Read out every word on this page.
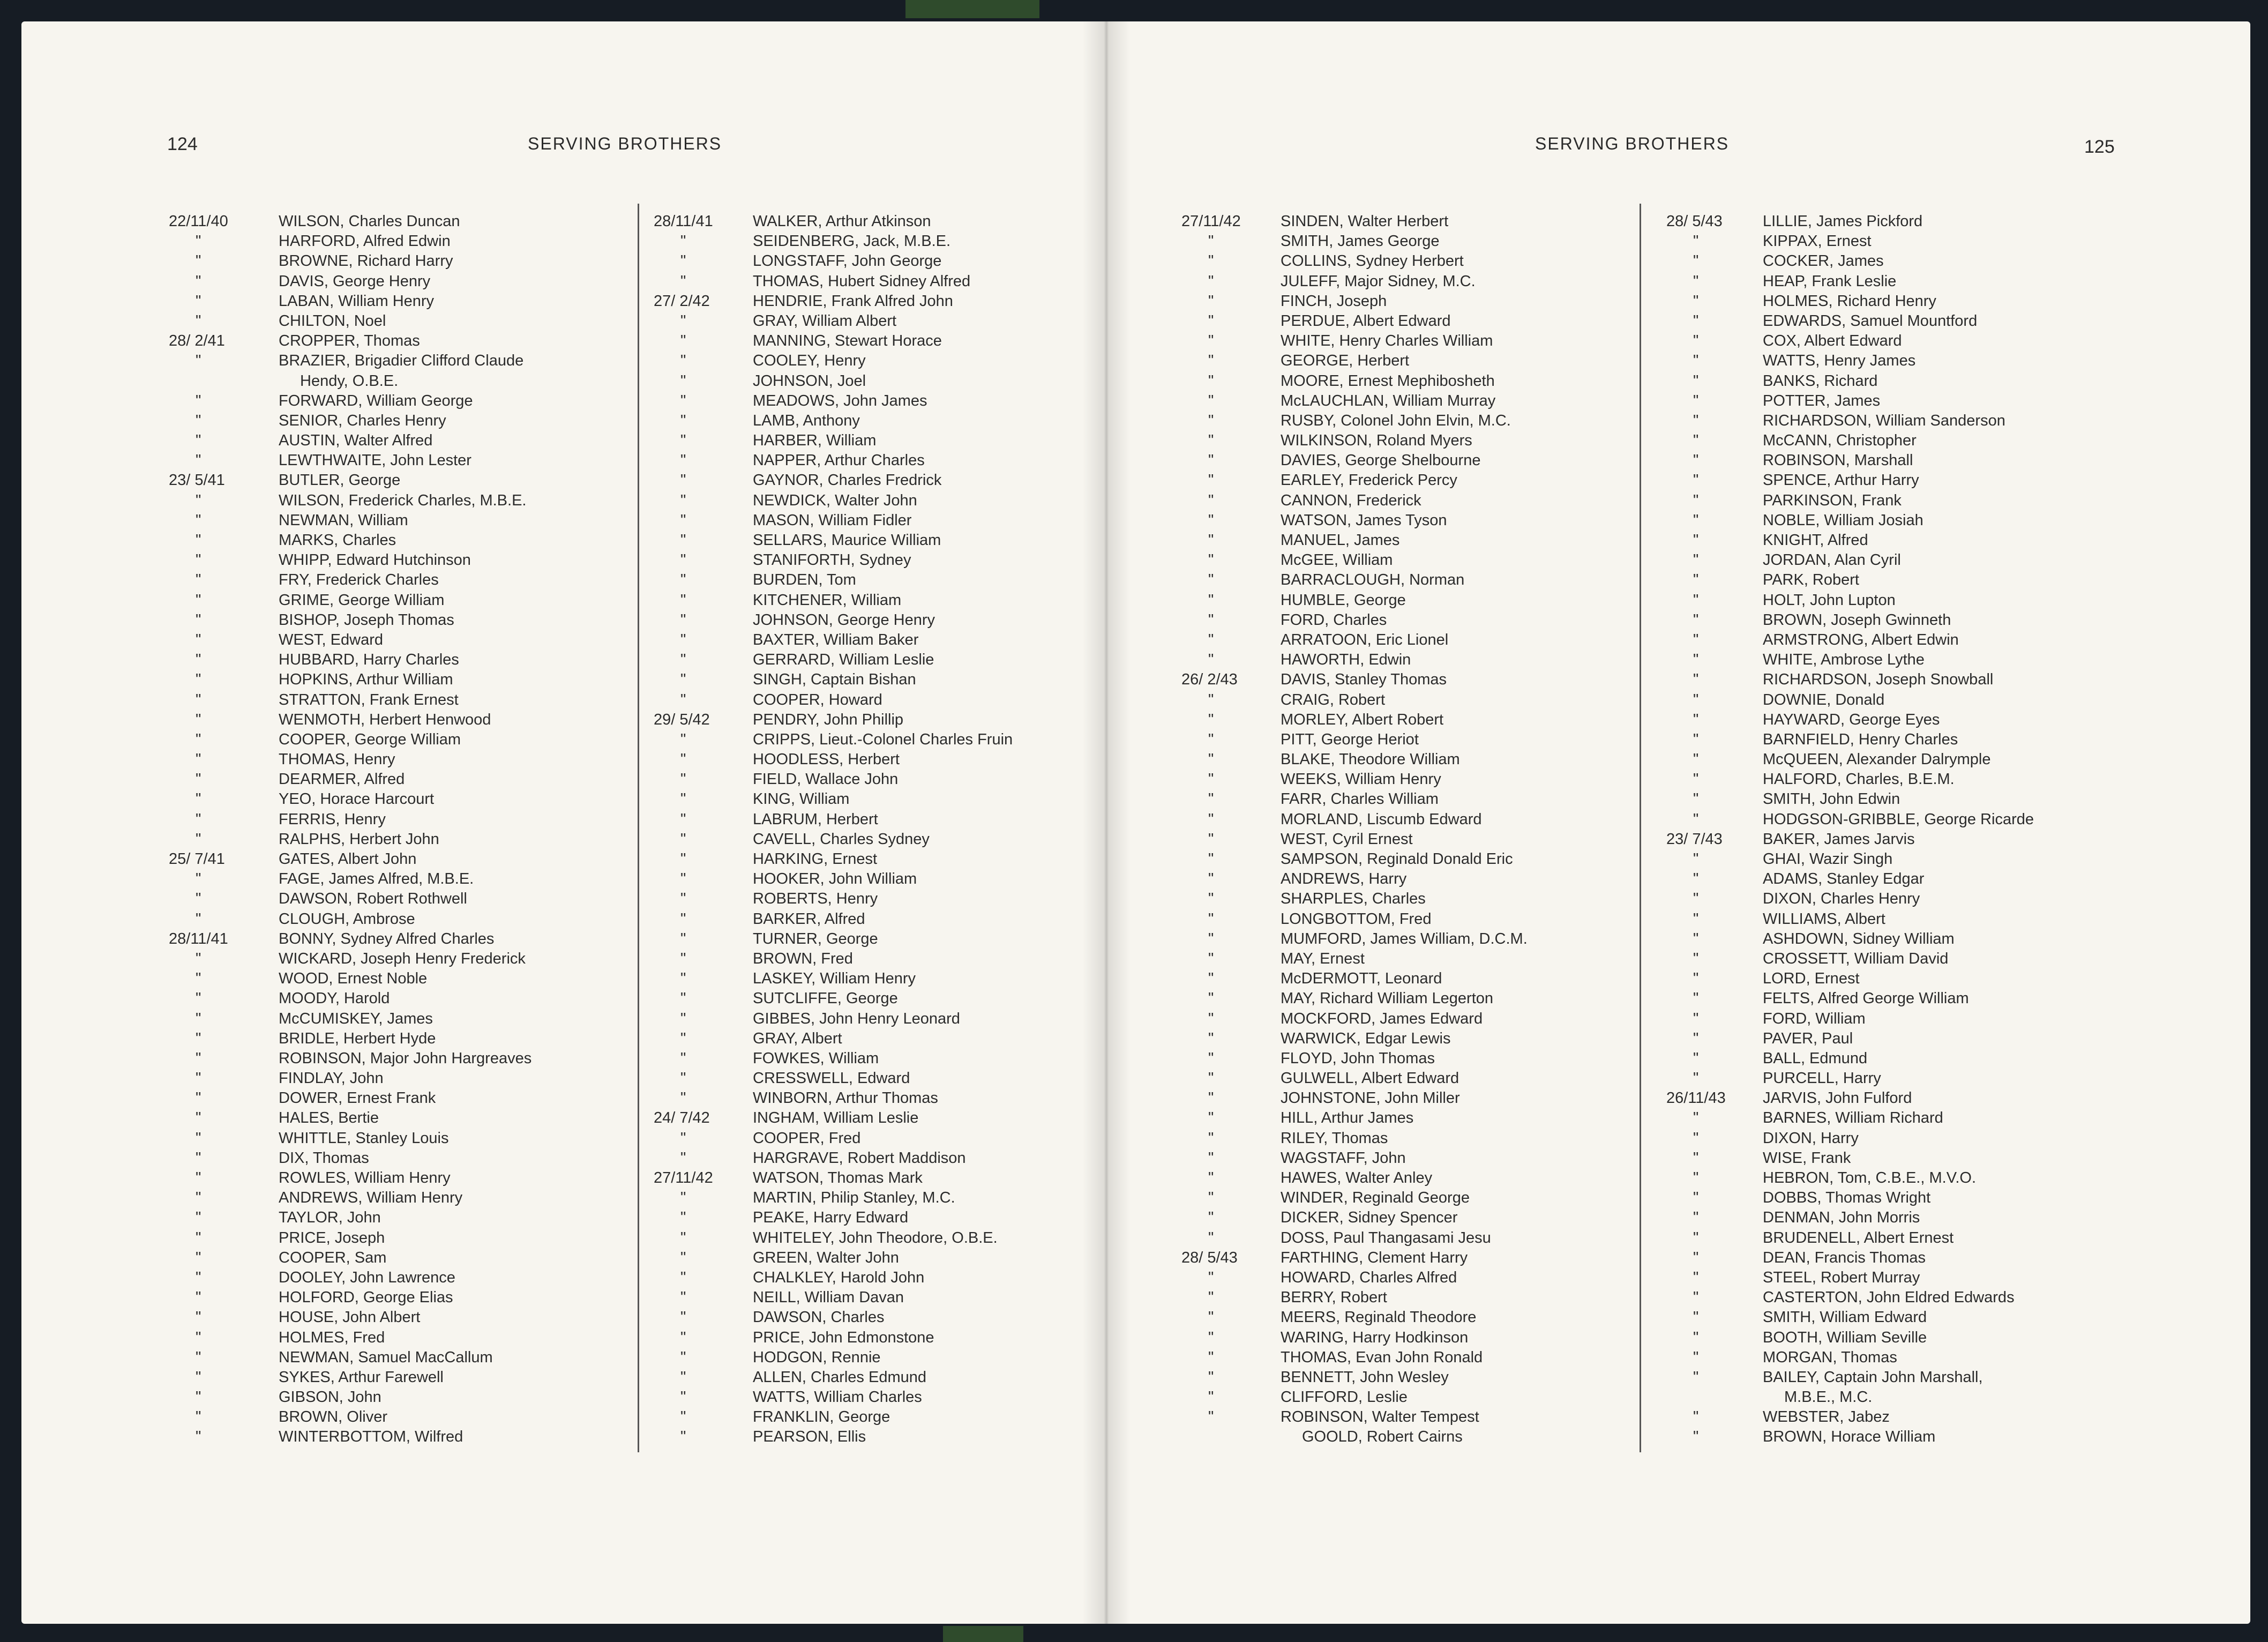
124	SERVING BROTHERS
22/11/40	WILSON, Charles Duncan
"	HARFORD, Alfred Edwin
"	BROWNE, Richard Harry
"	DAVIS, George Henry
"	LABAN, William Henry
"	CHILTON, Noel
28/ 2/41	CROPPER, Thomas
"	BRAZIER, Brigadier Clifford Claude
Hendy, O.B.E.
"	FORWARD, William George
"	SENIOR, Charles Henry
"	AUSTIN, Walter Alfred
"	LEWTHWAITE, John Lester
23/ 5/41	BUTLER, George
"	WILSON, Frederick Charles, M.B.E.
"	NEWMAN, William
"	MARKS, Charles
"	WHIPP, Edward Hutchinson
"	FRY, Frederick Charles
"	GRIME, George William
"	BISHOP, Joseph Thomas
"	WEST, Edward
"	HUBBARD, Harry Charles
"	HOPKINS, Arthur William
"	STRATTON, Frank Ernest
"	WENMOTH, Herbert Henwood
"	COOPER, George William
"	THOMAS, Henry
"	DEARMER, Alfred
"	YEO, Horace Harcourt
"	FERRIS, Henry
"	RALPHS, Herbert John
25/ 7/41	GATES, Albert John
"	FAGE, James Alfred, M.B.E.
"	DAWSON, Robert Rothwell
"	CLOUGH, Ambrose
28/11/41	BONNY, Sydney Alfred Charles
"	WICKARD, Joseph Henry Frederick
"	WOOD, Ernest Noble
"	MOODY, Harold
"	McCUMISKEY, James
"	BRIDLE, Herbert Hyde
"	ROBINSON, Major John Hargreaves
"	FINDLAY, John
"	DOWER, Ernest Frank
"	HALES, Bertie
"	WHITTLE, Stanley Louis
"	DIX, Thomas
"	ROWLES, William Henry
"	ANDREWS, William Henry
"	TAYLOR, John
"	PRICE, Joseph
"	COOPER, Sam
"	DOOLEY, John Lawrence
"	HOLFORD, George Elias
"	HOUSE, John Albert
"	HOLMES, Fred
"	NEWMAN, Samuel MacCallum
"	SYKES, Arthur Farewell
"	GIBSON, John
"	BROWN, Oliver
"	WINTERBOTTOM, Wilfred
28/11/41	WALKER, Arthur Atkinson
"	SEIDENBERG, Jack, M.B.E.
"	LONGSTAFF, John George
"	THOMAS, Hubert Sidney Alfred
27/ 2/42	HENDRIE, Frank Alfred John
"	GRAY, William Albert
"	MANNING, Stewart Horace
"	COOLEY, Henry
"	JOHNSON, Joel
"	MEADOWS, John James
"	LAMB, Anthony
"	HARBER, William
"	NAPPER, Arthur Charles
"	GAYNOR, Charles Fredrick
"	NEWDICK, Walter John
"	MASON, William Fidler
"	SELLARS, Maurice William
"	STANIFORTH, Sydney
"	BURDEN, Tom
"	KITCHENER, William
"	JOHNSON, George Henry
"	BAXTER, William Baker
"	GERRARD, William Leslie
"	SINGH, Captain Bishan
"	COOPER, Howard
29/ 5/42	PENDRY, John Phillip
"	CRIPPS, Lieut.-Colonel Charles Fruin
"	HOODLESS, Herbert
"	FIELD, Wallace John
"	KING, William
"	LABRUM, Herbert
"	CAVELL, Charles Sydney
"	HARKING, Ernest
"	HOOKER, John William
"	ROBERTS, Henry
"	BARKER, Alfred
"	TURNER, George
"	BROWN, Fred
"	LASKEY, William Henry
"	SUTCLIFFE, George
"	GIBBES, John Henry Leonard
"	GRAY, Albert
"	FOWKES, William
"	CRESSWELL, Edward
"	WINBORN, Arthur Thomas
24/ 7/42	INGHAM, William Leslie
"	COOPER, Fred
"	HARGRAVE, Robert Maddison
27/11/42	WATSON, Thomas Mark
"	MARTIN, Philip Stanley, M.C.
"	PEAKE, Harry Edward
"	WHITELEY, John Theodore, O.B.E.
"	GREEN, Walter John
"	CHALKLEY, Harold John
"	NEILL, William Davan
"	DAWSON, Charles
"	PRICE, John Edmonstone
"	HODGON, Rennie
"	ALLEN, Charles Edmund
"	WATTS, William Charles
"	FRANKLIN, George
"	PEARSON, Ellis
SERVING BROTHERS	125
27/11/42	SINDEN, Walter Herbert
"	SMITH, James George
"	COLLINS, Sydney Herbert
"	JULEFF, Major Sidney, M.C.
"	FINCH, Joseph
"	PERDUE, Albert Edward
"	WHITE, Henry Charles William
"	GEORGE, Herbert
"	MOORE, Ernest Mephibosheth
"	McLAUCHLAN, William Murray
"	RUSBY, Colonel John Elvin, M.C.
"	WILKINSON, Roland Myers
"	DAVIES, George Shelbourne
"	EARLEY, Frederick Percy
"	CANNON, Frederick
"	WATSON, James Tyson
"	MANUEL, James
"	McGEE, William
"	BARRACLOUGH, Norman
"	HUMBLE, George
"	FORD, Charles
"	ARRATOON, Eric Lionel
"	HAWORTH, Edwin
26/ 2/43	DAVIS, Stanley Thomas
"	CRAIG, Robert
"	MORLEY, Albert Robert
"	PITT, George Heriot
"	BLAKE, Theodore William
"	WEEKS, William Henry
"	FARR, Charles William
"	MORLAND, Liscumb Edward
"	WEST, Cyril Ernest
"	SAMPSON, Reginald Donald Eric
"	ANDREWS, Harry
"	SHARPLES, Charles
"	LONGBOTTOM, Fred
"	MUMFORD, James William, D.C.M.
"	MAY, Ernest
"	McDERMOTT, Leonard
"	MAY, Richard William Legerton
"	MOCKFORD, James Edward
"	WARWICK, Edgar Lewis
"	FLOYD, John Thomas
"	GULWELL, Albert Edward
"	JOHNSTONE, John Miller
"	HILL, Arthur James
"	RILEY, Thomas
"	WAGSTAFF, John
"	HAWES, Walter Anley
"	WINDER, Reginald George
"	DICKER, Sidney Spencer
"	DOSS, Paul Thangasami Jesu
28/ 5/43	FARTHING, Clement Harry
"	HOWARD, Charles Alfred
"	BERRY, Robert
"	MEERS, Reginald Theodore
"	WARING, Harry Hodkinson
"	THOMAS, Evan John Ronald
"	BENNETT, John Wesley
"	CLIFFORD, Leslie
"	ROBINSON, Walter Tempest
GOOLD, Robert Cairns
28/ 5/43	LILLIE, James Pickford
"	KIPPAX, Ernest
"	COCKER, James
"	HEAP, Frank Leslie
"	HOLMES, Richard Henry
"	EDWARDS, Samuel Mountford
"	COX, Albert Edward
"	WATTS, Henry James
"	BANKS, Richard
"	POTTER, James
"	RICHARDSON, William Sanderson
"	McCANN, Christopher
"	ROBINSON, Marshall
"	SPENCE, Arthur Harry
"	PARKINSON, Frank
"	NOBLE, William Josiah
"	KNIGHT, Alfred
"	JORDAN, Alan Cyril
"	PARK, Robert
"	HOLT, John Lupton
"	BROWN, Joseph Gwinneth
"	ARMSTRONG, Albert Edwin
"	WHITE, Ambrose Lythe
"	RICHARDSON, Joseph Snowball
"	DOWNIE, Donald
"	HAYWARD, George Eyes
"	BARNFIELD, Henry Charles
"	McQUEEN, Alexander Dalrymple
"	HALFORD, Charles, B.E.M.
"	SMITH, John Edwin
"	HODGSON-GRIBBLE, George Ricarde
23/ 7/43	BAKER, James Jarvis
"	GHAI, Wazir Singh
"	ADAMS, Stanley Edgar
"	DIXON, Charles Henry
"	WILLIAMS, Albert
"	ASHDOWN, Sidney William
"	CROSSETT, William David
"	LORD, Ernest
"	FELTS, Alfred George William
"	FORD, William
"	PAVER, Paul
"	BALL, Edmund
"	PURCELL, Harry
26/11/43 JARVIS, John Fulford
"	BARNES, William Richard
"	DIXON, Harry
"	WISE, Frank
"	HEBRON, Tom, C.B.E., M.V.O.
"	DOBBS, Thomas Wright
"	DENMAN, John Morris
"	BRUDENELL, Albert Ernest
"	DEAN, Francis Thomas
"	STEEL, Robert Murray
"	CASTERTON, John Eldred Edwards
"	SMITH, William Edward
"	BOOTH, William Seville
"	MORGAN, Thomas
"	BAILEY, Captain John Marshall,
M.B.E., M.C.
"	WEBSTER, Jabez
"	BROWN, Horace William
